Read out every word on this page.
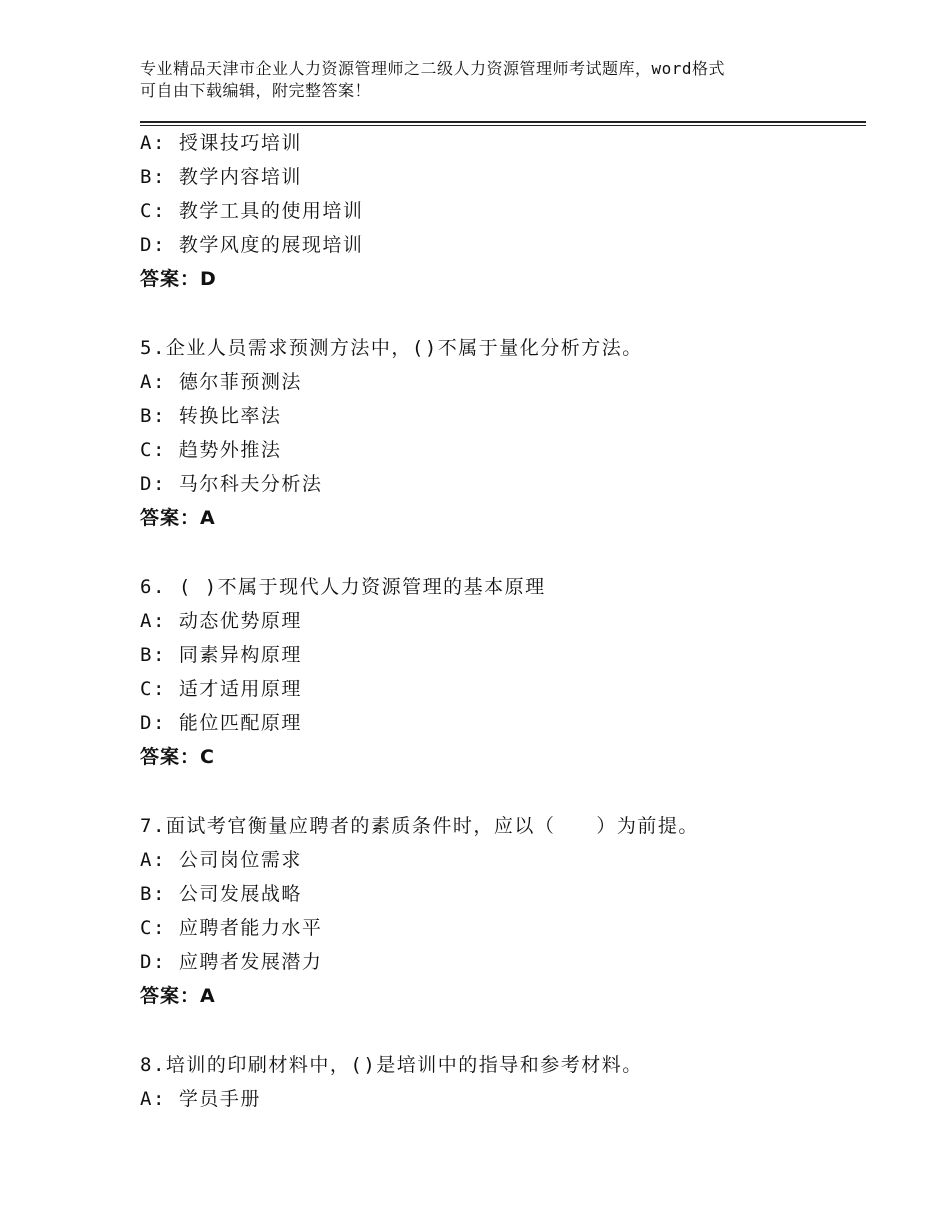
专业精品天津市企业人力资源管理师之二级人力资源管理师考试题库，word格式
可自由下载编辑，附完整答案！
A: 授课技巧培训
B: 教学内容培训
C: 教学工具的使用培训
D: 教学风度的展现培训
答案：D
5.企业人员需求预测方法中，()不属于量化分析方法。
A: 德尔菲预测法
B: 转换比率法
C: 趋势外推法
D: 马尔科夫分析法
答案：A
6. ( )不属于现代人力资源管理的基本原理
A: 动态优势原理
B: 同素异构原理
C: 适才适用原理
D: 能位匹配原理
答案：C
7.面试考官衡量应聘者的素质条件时，应以（　　）为前提。
A: 公司岗位需求
B: 公司发展战略
C: 应聘者能力水平
D: 应聘者发展潜力
答案：A
8.培训的印刷材料中，()是培训中的指导和参考材料。
A: 学员手册
